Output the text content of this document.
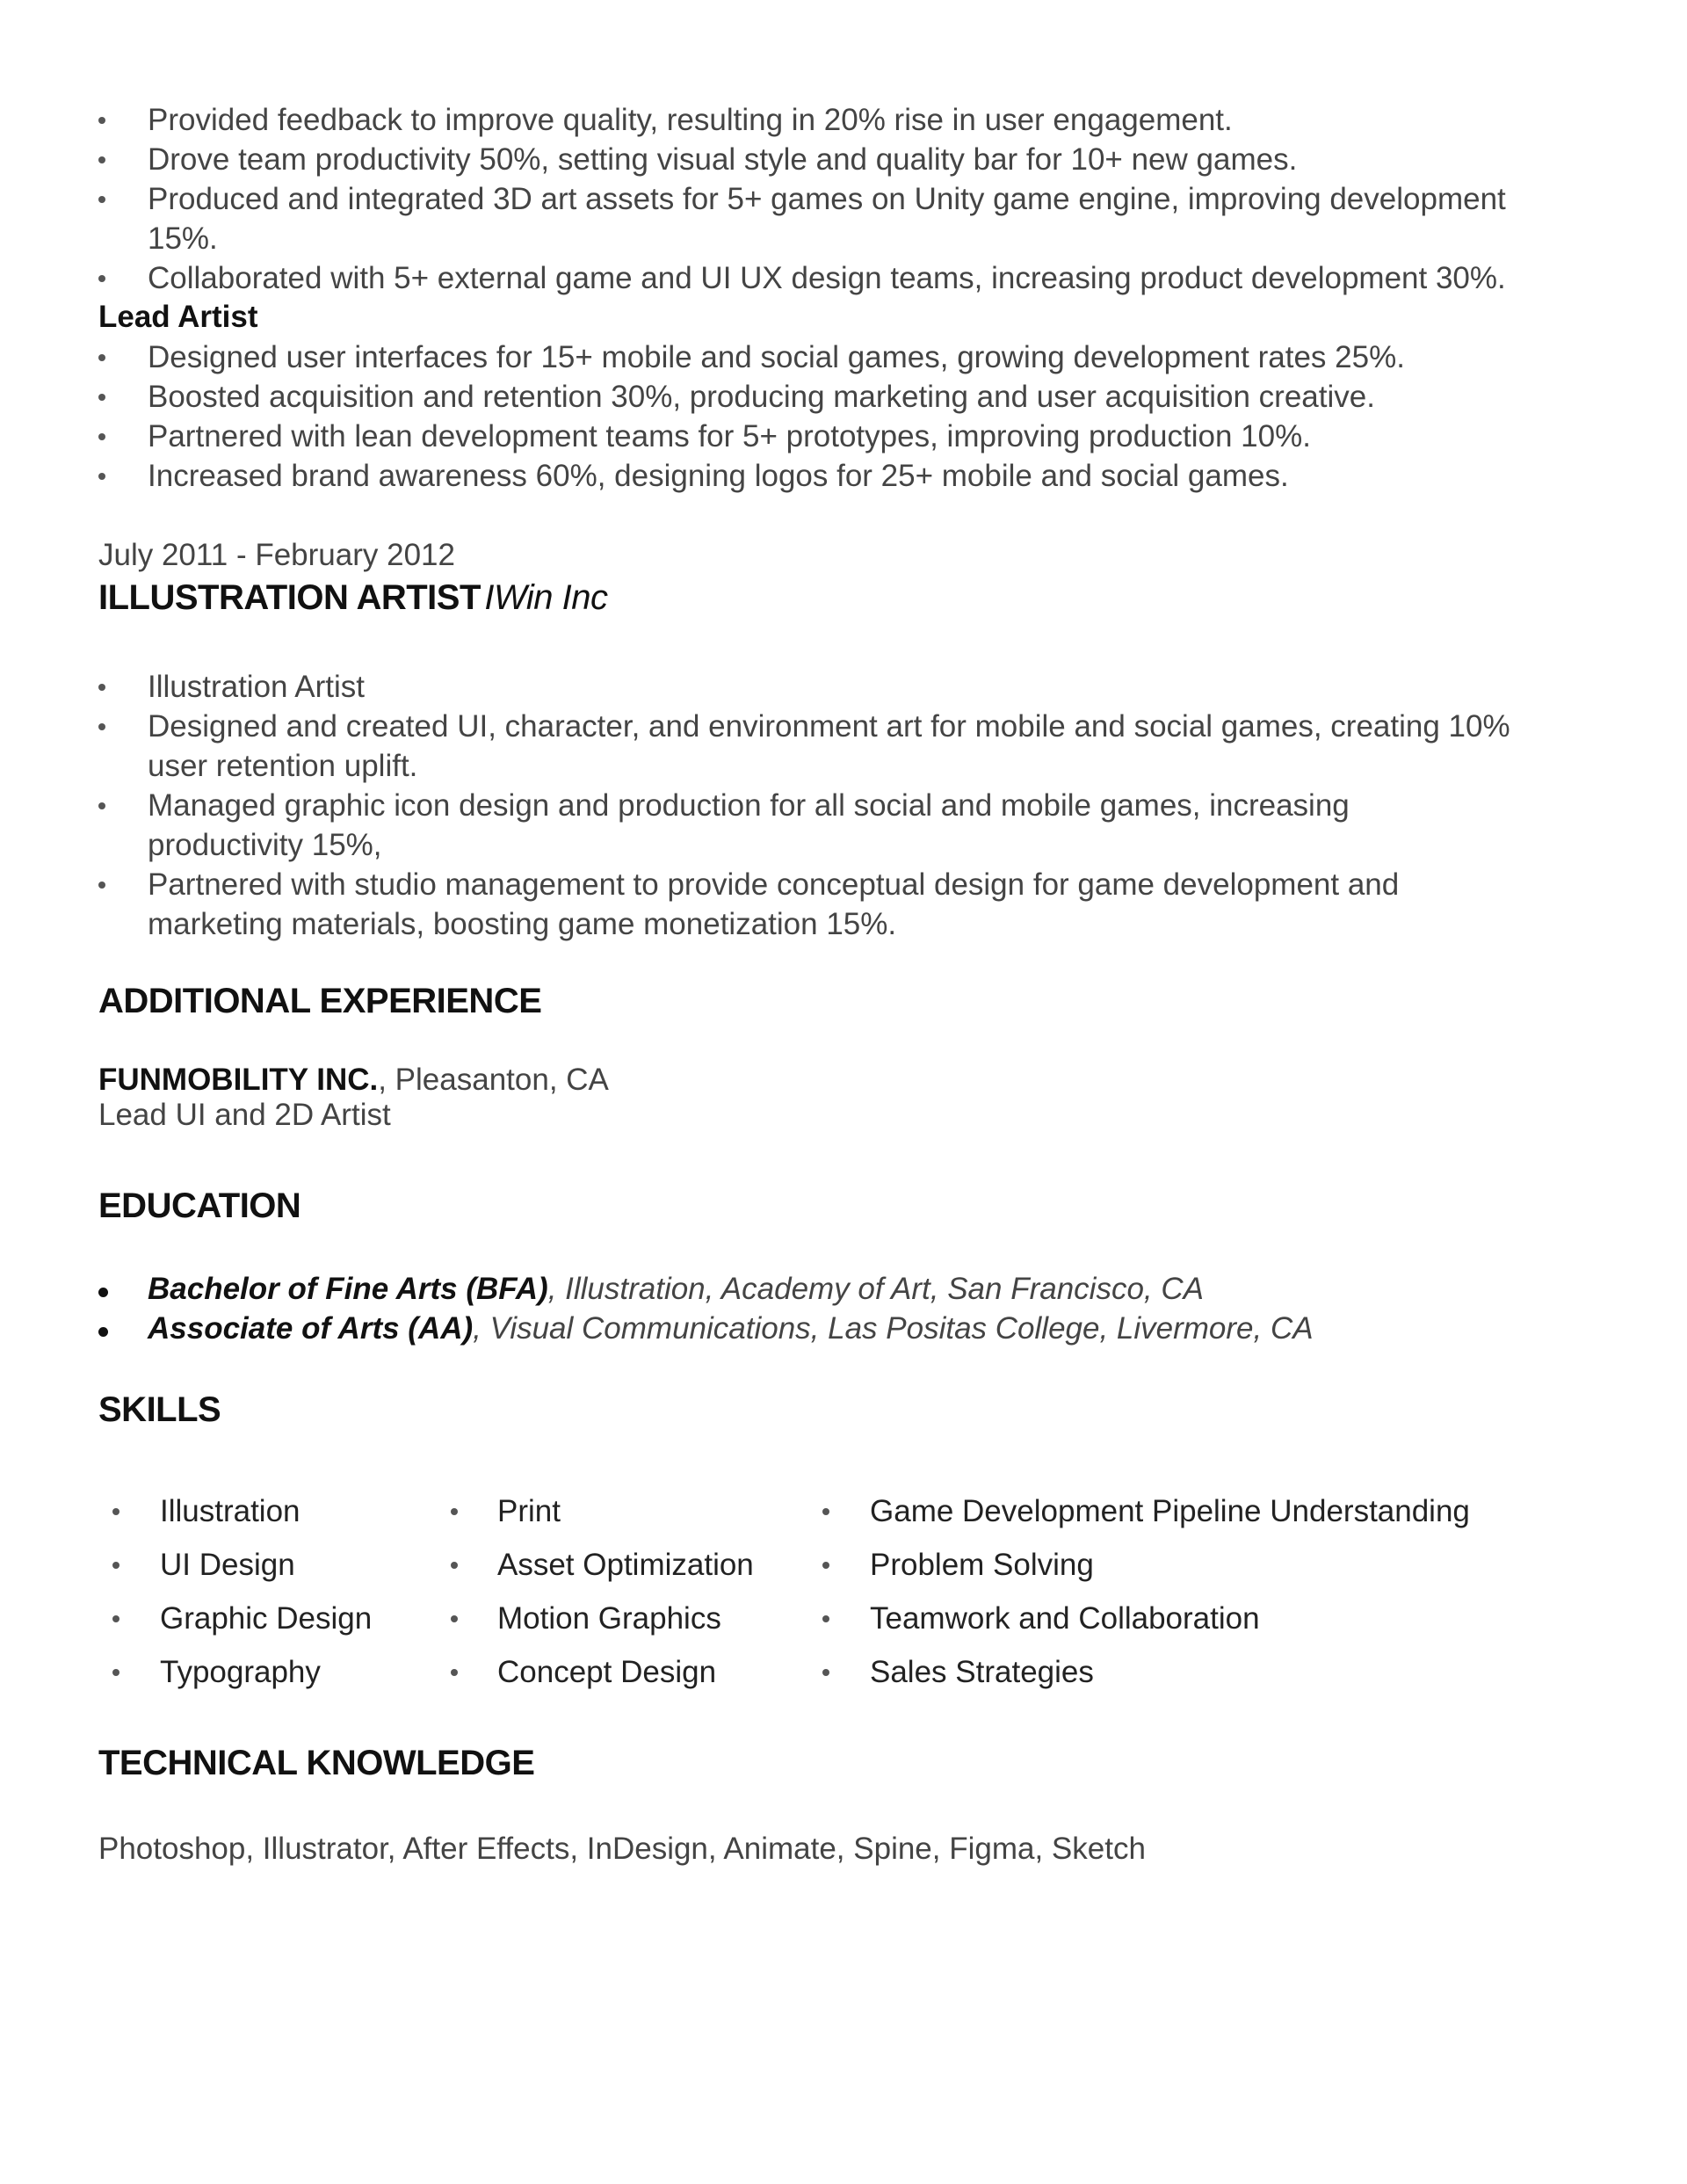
Provided feedback to improve quality, resulting in 20% rise in user engagement.
Drove team productivity 50%, setting visual style and quality bar for 10+ new games.
Produced and integrated 3D art assets for 5+ games on Unity game engine, improving development
15%.
Collaborated with 5+ external game and UI UX design teams, increasing product development 30%.
Lead Artist
Designed user interfaces for 15+ mobile and social games, growing development rates 25%.
Boosted acquisition and retention 30%, producing marketing and user acquisition creative.
Partnered with lean development teams for 5+ prototypes, improving production 10%.
Increased brand awareness 60%, designing logos for 25+ mobile and social games.
July 2011 - February 2012
ILLUSTRATION ARTIST IWin Inc
Illustration Artist
Designed and created UI, character, and environment art for mobile and social games, creating 10%
user retention uplift.
Managed graphic icon design and production for all social and mobile games, increasing
productivity 15%,
Partnered with studio management to provide conceptual design for game development and
marketing materials, boosting game monetization 15%.
ADDITIONAL EXPERIENCE
FUNMOBILITY INC., Pleasanton, CA
Lead UI and 2D Artist
EDUCATION
Bachelor of Fine Arts (BFA), Illustration, Academy of Art, San Francisco, CA
Associate of Arts (AA), Visual Communications, Las Positas College, Livermore, CA
SKILLS
Illustration
UI Design
Graphic Design
Typography
Print
Asset Optimization
Motion Graphics
Concept Design
Game Development Pipeline Understanding
Problem Solving
Teamwork and Collaboration
Sales Strategies
TECHNICAL KNOWLEDGE
Photoshop, Illustrator, After Effects, InDesign, Animate, Spine, Figma, Sketch
